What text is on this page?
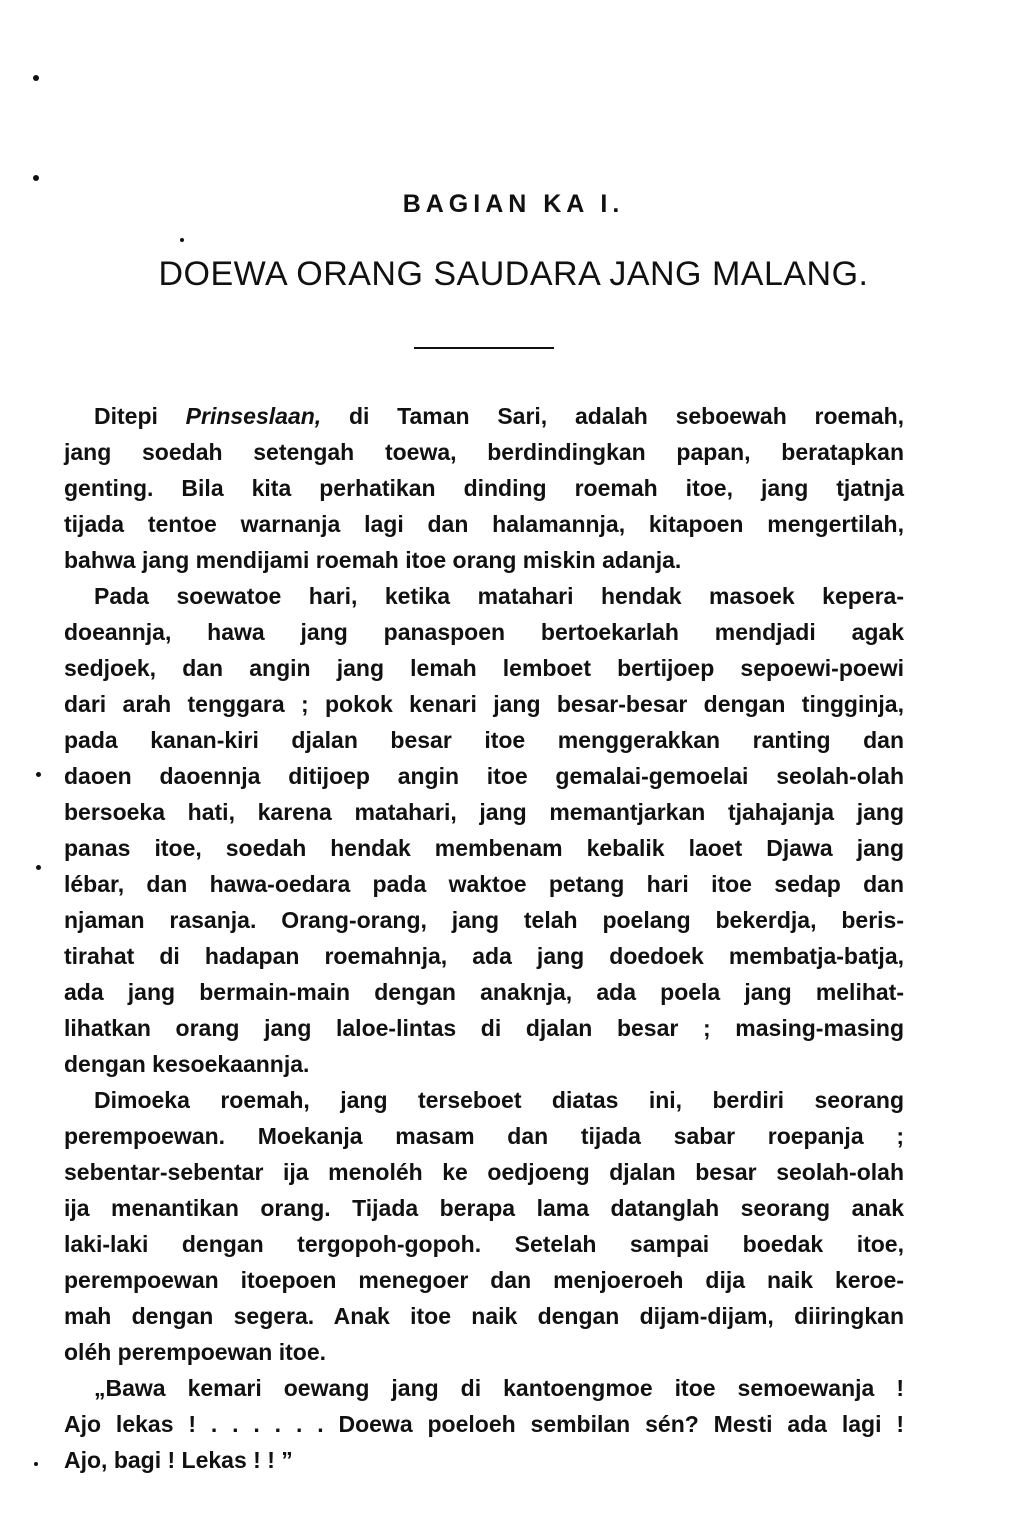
BAGIAN KA I.
DOEWA ORANG SAUDARA JANG MALANG.
Ditepi Prinseslaan, di Taman Sari, adalah seboewah roemah,
jang soedah setengah toewa, berdindingkan papan, beratapkan
genting. Bila kita perhatikan dinding roemah itoe, jang tjatnja
tijada tentoe warnanja lagi dan halamannja, kitapoen mengertilah,
bahwa jang mendijami roemah itoe orang miskin adanja.
Pada soewatoe hari, ketika matahari hendak masoek kepera-
doeannja, hawa jang panaspoen bertoekarlah mendjadi agak
sedjoek, dan angin jang lemah lemboet bertijoep sepoewi-poewi
dari arah tenggara ; pokok kenari jang besar-besar dengan tingginja,
pada kanan-kiri djalan besar itoe menggerakkan ranting dan
daoen daoennja ditijoep angin itoe gemalai-gemoelai seolah-olah
bersoeka hati, karena matahari, jang memantjarkan tjahajanja jang
panas itoe, soedah hendak membenam kebalik laoet Djawa jang
lébar, dan hawa-oedara pada waktoe petang hari itoe sedap dan
njaman rasanja. Orang-orang, jang telah poelang bekerdja, beris-
tirahat di hadapan roemahnja, ada jang doedoek membatja-batja,
ada jang bermain-main dengan anaknja, ada poela jang melihat-
lihatkan orang jang laloe-lintas di djalan besar ; masing-masing
dengan kesoekaannja.
Dimoeka roemah, jang terseboet diatas ini, berdiri seorang
perempoewan. Moekanja masam dan tijada sabar roepanja ;
sebentar-sebentar ija menoléh ke oedjoeng djalan besar seolah-olah
ija menantikan orang. Tijada berapa lama datanglah seorang anak
laki-laki dengan tergopoh-gopoh. Setelah sampai boedak itoe,
perempoewan itoepoen menegoer dan menjoeroeh dija naik keroe-
mah dengan segera. Anak itoe naik dengan dijam-dijam, diiringkan
oléh perempoewan itoe.
„Bawa kemari oewang jang di kantoengmoe itoe semoewanja !
Ajo lekas ! . . . . . . Doewa poeloeh sembilan sén? Mesti ada lagi !
Ajo, bagi ! Lekas ! ! ”
